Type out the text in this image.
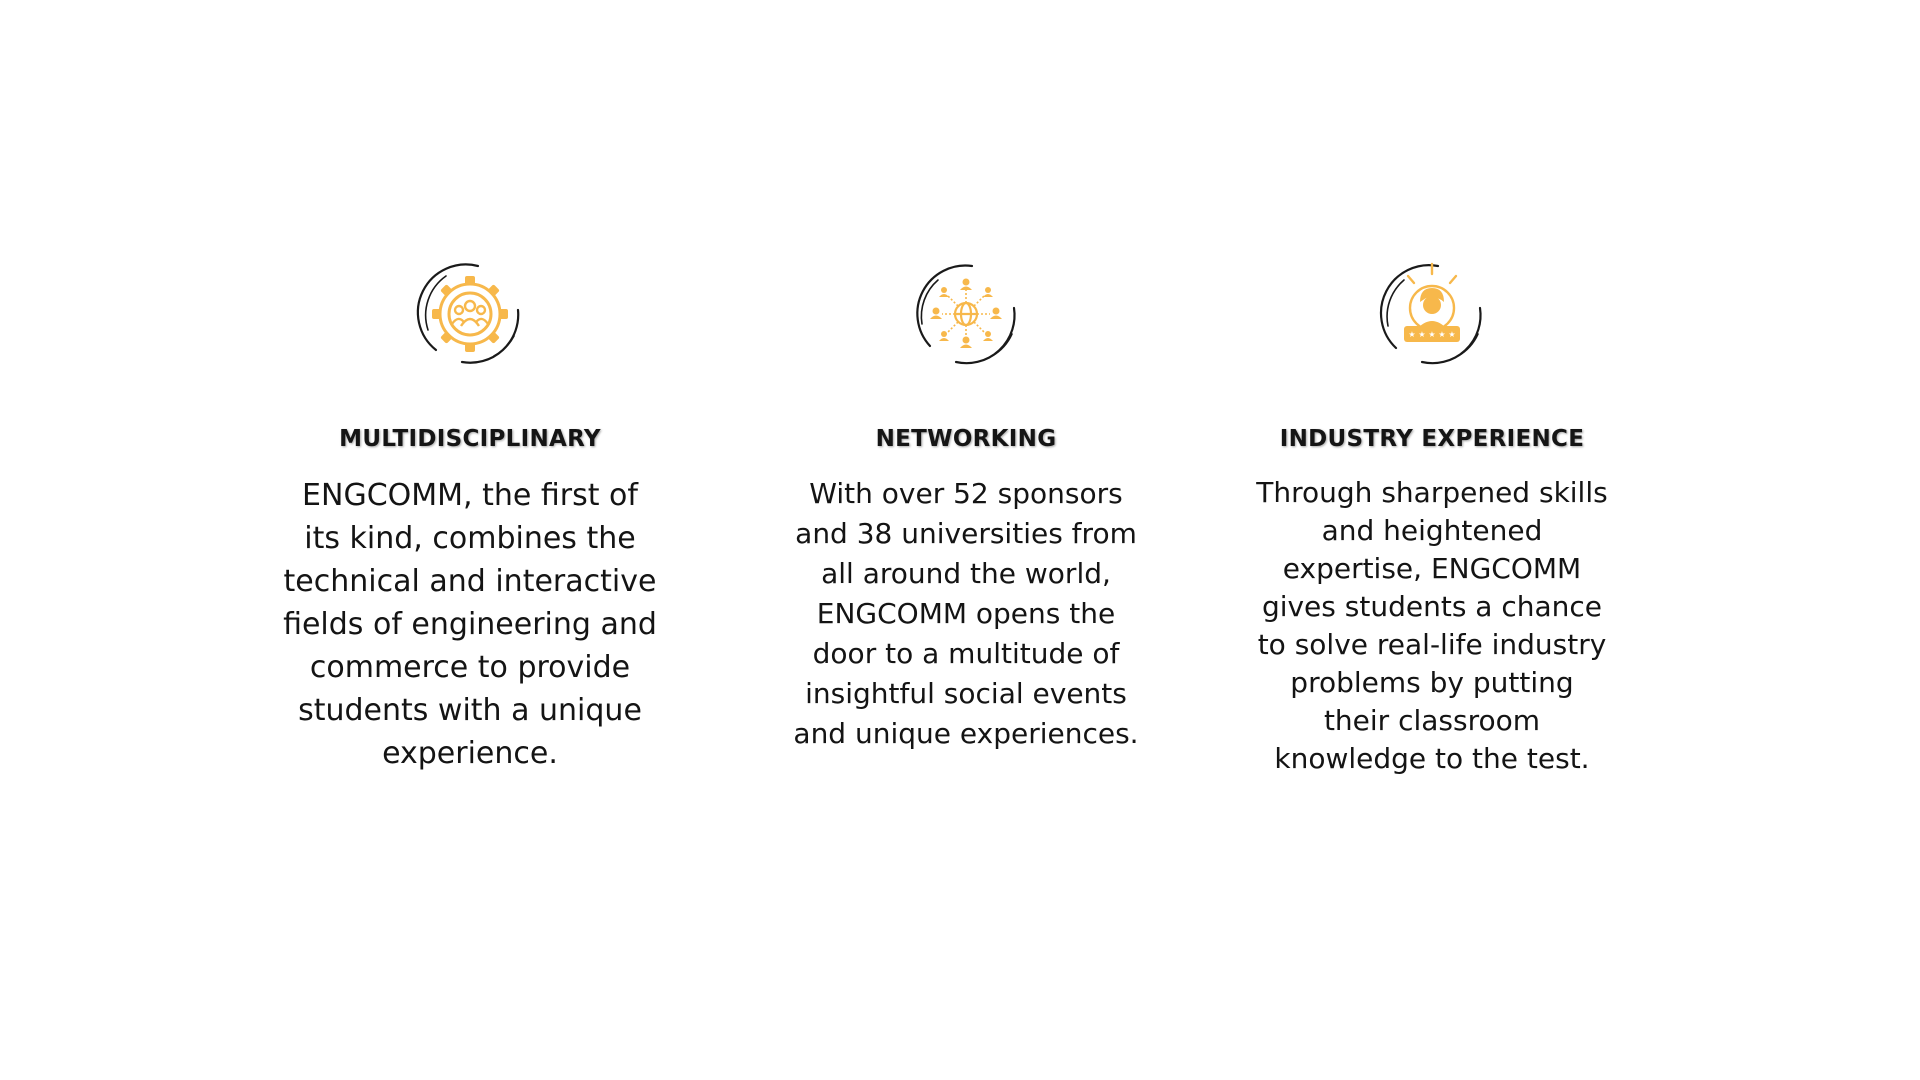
MULTIDISCIPLINARY
ENGCOMM, the first of
its kind, combines the
technical and interactive
fields of engineering and
commerce to provide
students with a unique
experience.
NETWORKING
With over 52 sponsors
and 38 universities from
all around the world,
ENGCOMM opens the
door to a multitude of
insightful social events
and unique experiences.
★ ★ ★ ★ ★
INDUSTRY EXPERIENCE
Through sharpened skills
and heightened
expertise, ENGCOMM
gives students a chance
to solve real-life industry
problems by putting
their classroom
knowledge to the test.
